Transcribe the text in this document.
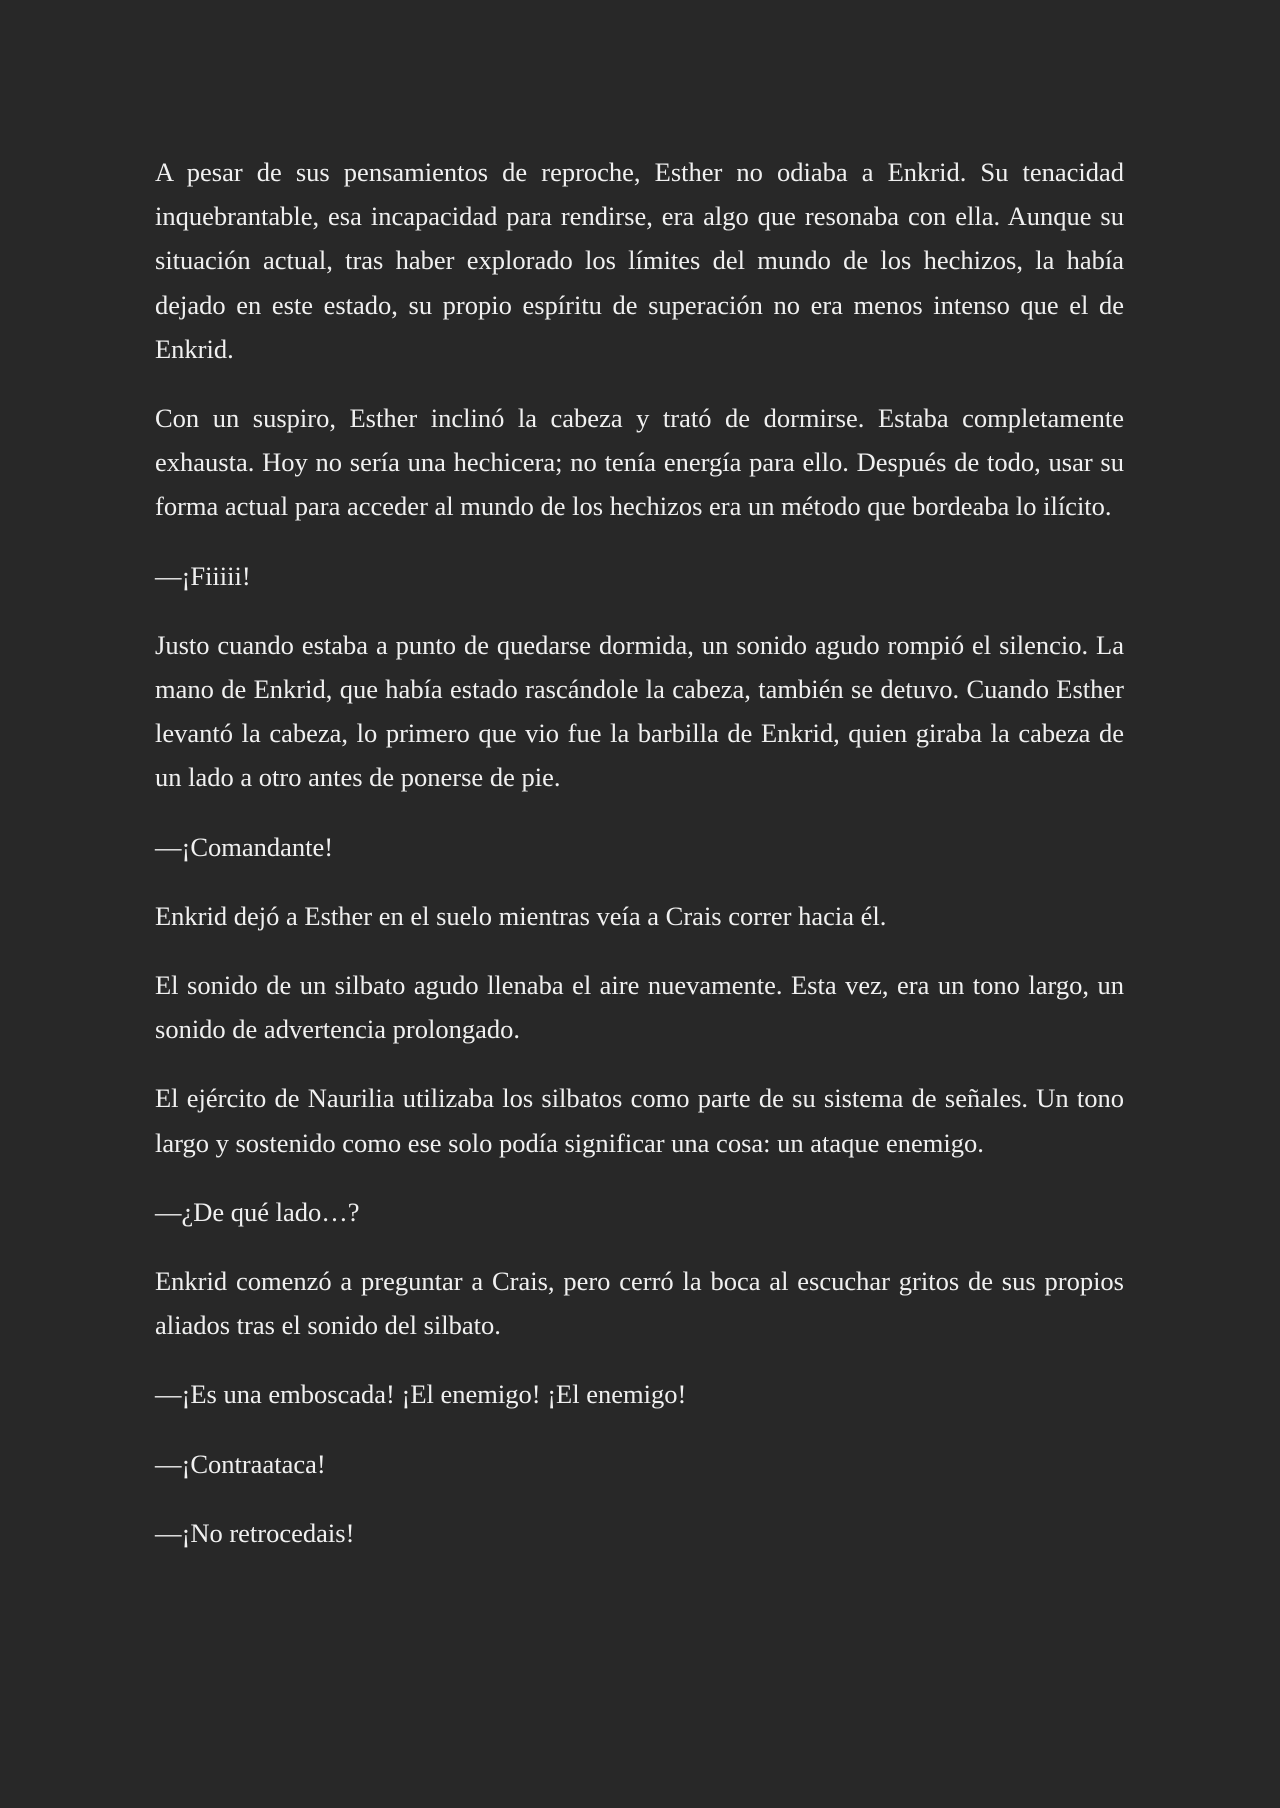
A pesar de sus pensamientos de reproche, Esther no odiaba a Enkrid. Su tenacidad inquebrantable, esa incapacidad para rendirse, era algo que resonaba con ella. Aunque su situación actual, tras haber explorado los límites del mundo de los hechizos, la había dejado en este estado, su propio espíritu de superación no era menos intenso que el de Enkrid.

Con un suspiro, Esther inclinó la cabeza y trató de dormirse. Estaba completamente exhausta. Hoy no sería una hechicera; no tenía energía para ello. Después de todo, usar su forma actual para acceder al mundo de los hechizos era un método que bordeaba lo ilícito.

—¡Fiiiii!

Justo cuando estaba a punto de quedarse dormida, un sonido agudo rompió el silencio. La mano de Enkrid, que había estado rascándole la cabeza, también se detuvo. Cuando Esther levantó la cabeza, lo primero que vio fue la barbilla de Enkrid, quien giraba la cabeza de un lado a otro antes de ponerse de pie.

—¡Comandante!

Enkrid dejó a Esther en el suelo mientras veía a Crais correr hacia él.

El sonido de un silbato agudo llenaba el aire nuevamente. Esta vez, era un tono largo, un sonido de advertencia prolongado.

El ejército de Naurilia utilizaba los silbatos como parte de su sistema de señales. Un tono largo y sostenido como ese solo podía significar una cosa: un ataque enemigo.

—¿De qué lado…?

Enkrid comenzó a preguntar a Crais, pero cerró la boca al escuchar gritos de sus propios aliados tras el sonido del silbato.

—¡Es una emboscada! ¡El enemigo! ¡El enemigo!

—¡Contraataca!

—¡No retrocedais!
